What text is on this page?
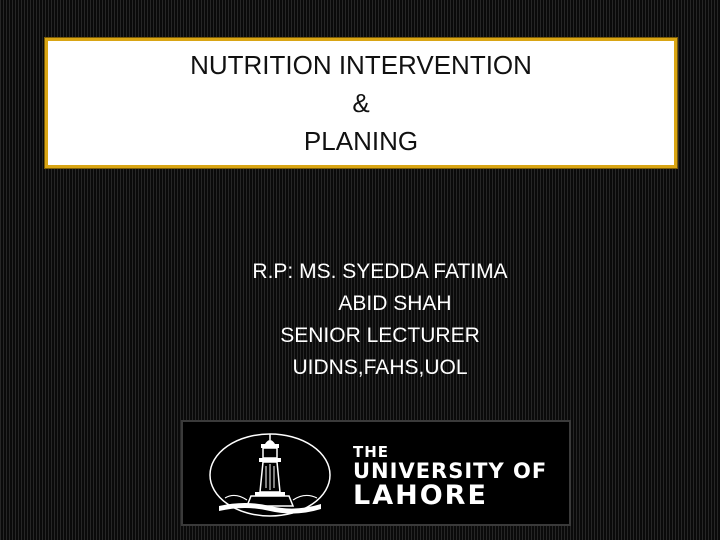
NUTRITION INTERVENTION
&
PLANING
R.P: MS. SYEDDA FATIMA
ABID SHAH
SENIOR LECTURER
UIDNS,FAHS,UOL
THE
UNIVERSITY OF
LAHORE
